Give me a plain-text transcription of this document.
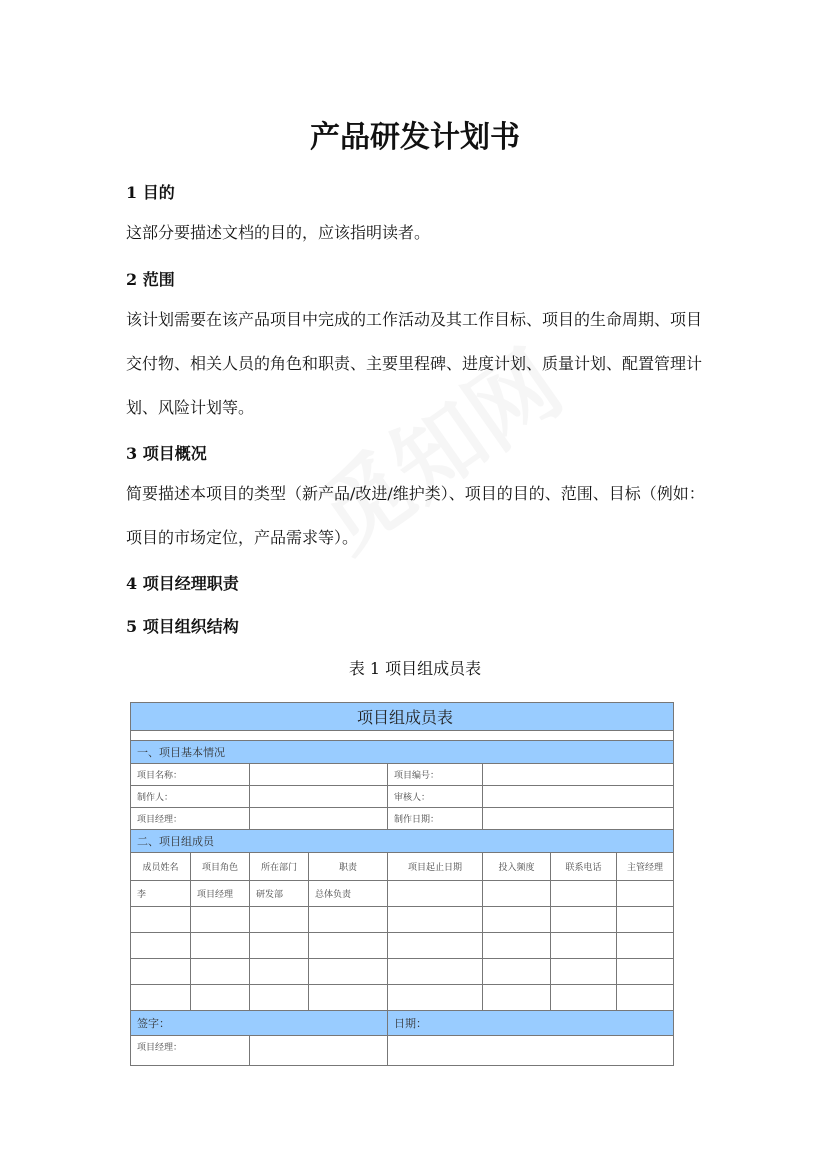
产品研发计划书
1 目的
这部分要描述文档的目的，应该指明读者。
2 范围
该计划需要在该产品项目中完成的工作活动及其工作目标、项目的生命周期、项目交付物、相关人员的角色和职责、主要里程碑、进度计划、质量计划、配置管理计划、风险计划等。
3 项目概况
简要描述本项目的类型（新产品/改进/维护类）、项目的目的、范围、目标（例如：项目的市场定位，产品需求等）。
4 项目经理职责
5 项目组织结构
表 1 项目组成员表
项目组成员表							

一、项目基本情况							
项目名称：				项目编号：			
制作人：				审核人：			
项目经理：				制作日期：			
二、项目组成员							
成员姓名	项目角色	所在部门	职责	项目起止日期	投入频度	联系电话	主管经理
李	项目经理	研发部	总体负责				

签字：				日期：			
项目经理：							
